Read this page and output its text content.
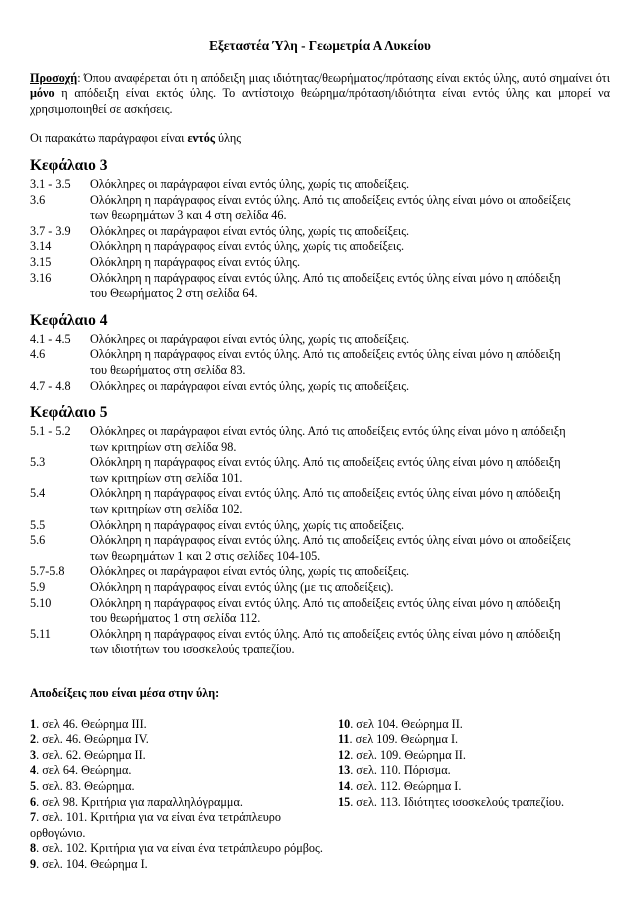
Εξεταστέα Ύλη - Γεωμετρία Α Λυκείου

Προσοχή: Όπου αναφέρεται ότι η απόδειξη μιας ιδιότητας/θεωρήματος/πρότασης είναι εκτός ύλης, αυτό σημαίνει ότι μόνο η απόδειξη είναι εκτός ύλης. Το αντίστοιχο θεώρημα/πρόταση/ιδιότητα είναι εντός ύλης και μπορεί να χρησιμοποιηθεί σε ασκήσεις.

Οι παρακάτω παράγραφοι είναι εντός ύλης

Κεφάλαιο 3
3.1 - 3.5	Ολόκληρες οι παράγραφοι είναι εντός ύλης, χωρίς τις αποδείξεις.
3.6	Ολόκληρη η παράγραφος είναι εντός ύλης. Από τις αποδείξεις εντός ύλης είναι μόνο οι αποδείξεις των θεωρημάτων 3 και 4 στη σελίδα 46.
3.7 - 3.9	Ολόκληρες οι παράγραφοι είναι εντός ύλης, χωρίς τις αποδείξεις.
3.14	Ολόκληρη η παράγραφος είναι εντός ύλης, χωρίς τις αποδείξεις.
3.15	Ολόκληρη η παράγραφος είναι εντός ύλης.
3.16	Ολόκληρη η παράγραφος είναι εντός ύλης. Από τις αποδείξεις εντός ύλης είναι μόνο η απόδειξη του Θεωρήματος 2 στη σελίδα 64.
Κεφάλαιο 4
4.1 - 4.5	Ολόκληρες οι παράγραφοι είναι εντός ύλης, χωρίς τις αποδείξεις.
4.6	Ολόκληρη η παράγραφος είναι εντός ύλης. Από τις αποδείξεις εντός ύλης είναι μόνο η απόδειξη του θεωρήματος στη σελίδα 83.
4.7 - 4.8	Ολόκληρες οι παράγραφοι είναι εντός ύλης, χωρίς τις αποδείξεις.
Κεφάλαιο 5
5.1 - 5.2	Ολόκληρες οι παράγραφοι είναι εντός ύλης. Από τις αποδείξεις εντός ύλης είναι μόνο η απόδειξη των κριτηρίων στη σελίδα 98.
5.3	Ολόκληρη η παράγραφος είναι εντός ύλης. Από τις αποδείξεις εντός ύλης είναι μόνο η απόδειξη των κριτηρίων στη σελίδα 101.
5.4	Ολόκληρη η παράγραφος είναι εντός ύλης. Από τις αποδείξεις εντός ύλης είναι μόνο η απόδειξη των κριτηρίων στη σελίδα 102.
5.5	Ολόκληρη η παράγραφος είναι εντός ύλης, χωρίς τις αποδείξεις.
5.6	Ολόκληρη η παράγραφος είναι εντός ύλης. Από τις αποδείξεις εντός ύλης είναι μόνο οι αποδείξεις των θεωρημάτων 1 και 2 στις σελίδες 104-105.
5.7-5.8	Ολόκληρες οι παράγραφοι είναι εντός ύλης, χωρίς τις αποδείξεις.
5.9	Ολόκληρη η παράγραφος είναι εντός ύλης (με τις αποδείξεις).
5.10	Ολόκληρη η παράγραφος είναι εντός ύλης. Από τις αποδείξεις εντός ύλης είναι μόνο η απόδειξη του θεωρήματος 1 στη σελίδα 112.
5.11	Ολόκληρη η παράγραφος είναι εντός ύλης. Από τις αποδείξεις εντός ύλης είναι μόνο η απόδειξη των ιδιοτήτων του ισοσκελούς τραπεζίου.
Αποδείξεις που είναι μέσα στην ύλη:
1. σελ 46. Θεώρημα III.
2. σελ. 46. Θεώρημα IV.
3. σελ. 62. Θεώρημα II.
4. σελ 64. Θεώρημα.
5. σελ. 83. Θεώρημα.
6. σελ 98. Κριτήρια για παραλληλόγραμμα.
7. σελ. 101. Κριτήρια για να είναι ένα τετράπλευρο ορθογώνιο.
8. σελ. 102. Κριτήρια για να είναι ένα τετράπλευρο ρόμβος.
9. σελ. 104. Θεώρημα I.
10. σελ 104. Θεώρημα II.
11. σελ 109. Θεώρημα I.
12. σελ. 109. Θεώρημα II.
13. σελ. 110. Πόρισμα.
14. σελ. 112. Θεώρημα I.
15. σελ. 113. Ιδιότητες ισοσκελούς τραπεζίου.
